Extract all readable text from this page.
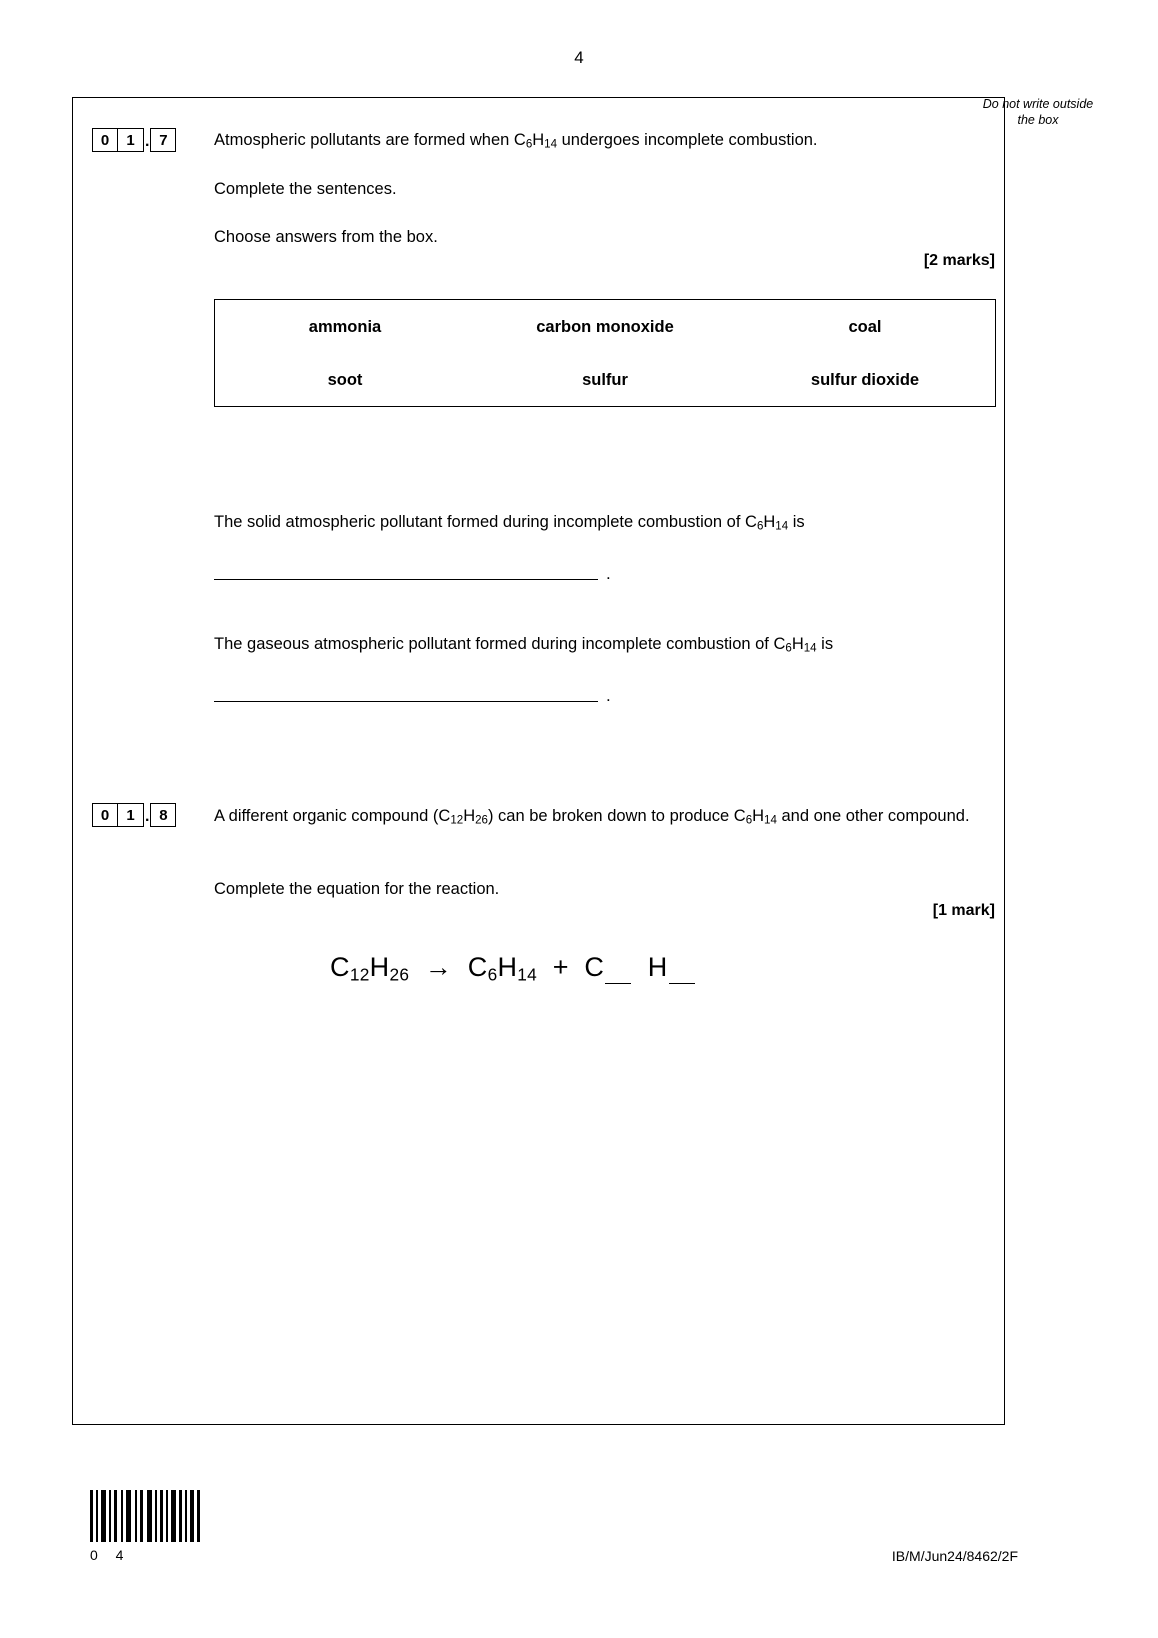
4
Do not write outside the box
0	1 . 7	Atmospheric pollutants are formed when $C_6H_{14}$ undergoes incomplete combustion.
Complete the sentences.
Choose answers from the box.
[2 marks]
ammonia	carbon monoxide	coal
soot	sulfur	sulfur dioxide
The solid atmospheric pollutant formed during incomplete combustion of $C_6H_{14}$ is
.
The gaseous atmospheric pollutant formed during incomplete combustion of $C_6H_{14}$ is
.
0	1 . 8	A different organic compound $(C_{12}H_{26})$ can be broken down to produce $C_6H_{14}$ and one other compound.
Complete the equation for the reaction.
[1 mark]
$C_{12}H_{26} \to C_6H_{14} + C$  H
0 4	IB/M/Jun24/8462/2F
